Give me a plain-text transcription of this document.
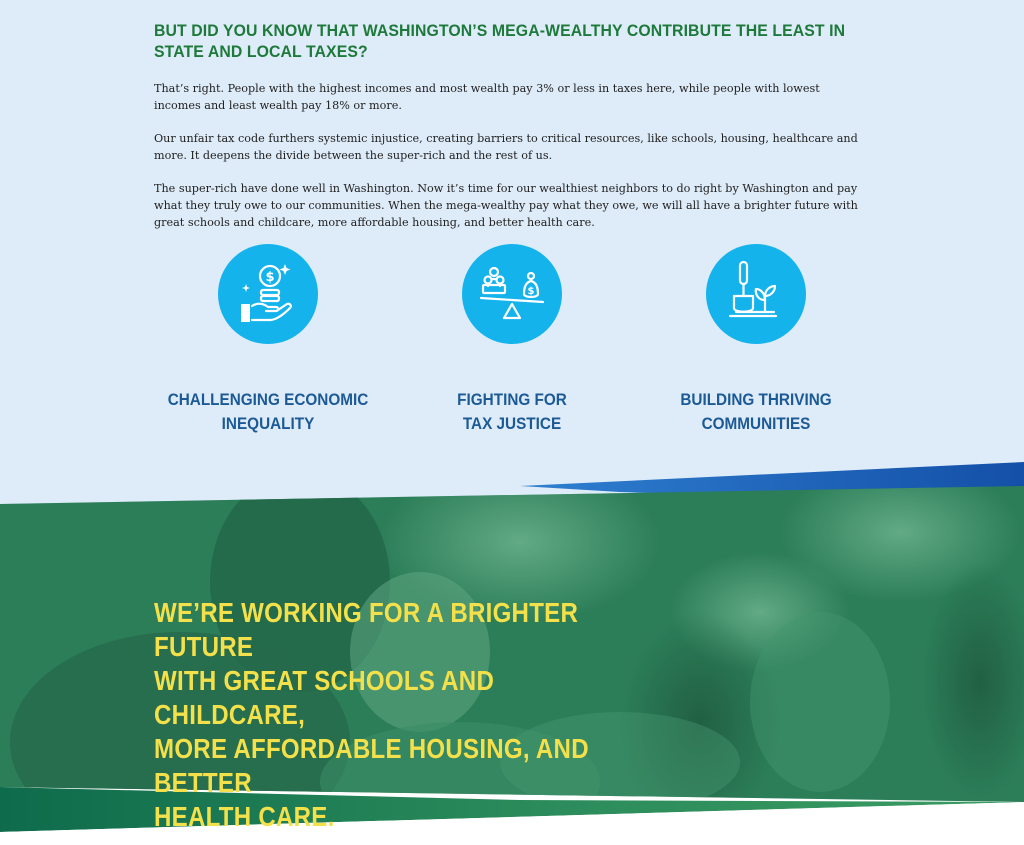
BUT DID YOU KNOW THAT WASHINGTON’S MEGA-WEALTHY CONTRIBUTE THE LEAST IN STATE AND LOCAL TAXES?

That’s right. People with the highest incomes and most wealth pay 3% or less in taxes here, while people with lowest incomes and least wealth pay 18% or more.

Our unfair tax code furthers systemic injustice, creating barriers to critical resources, like schools, housing, healthcare and more. It deepens the divide between the super-rich and the rest of us.

The super-rich have done well in Washington. Now it’s time for our wealthiest neighbors to do right by Washington and pay what they truly owe to our communities. When the mega-wealthy pay what they owe, we will all have a brighter future with great schools and childcare, more affordable housing, and better health care.

$
CHALLENGING ECONOMIC
INEQUALITY
$
FIGHTING FOR
TAX JUSTICE
BUILDING THRIVING
COMMUNITIES
WE’RE WORKING FOR A BRIGHTER FUTURE
WITH GREAT SCHOOLS AND CHILDCARE,
MORE AFFORDABLE HOUSING, AND BETTER
HEALTH CARE.
